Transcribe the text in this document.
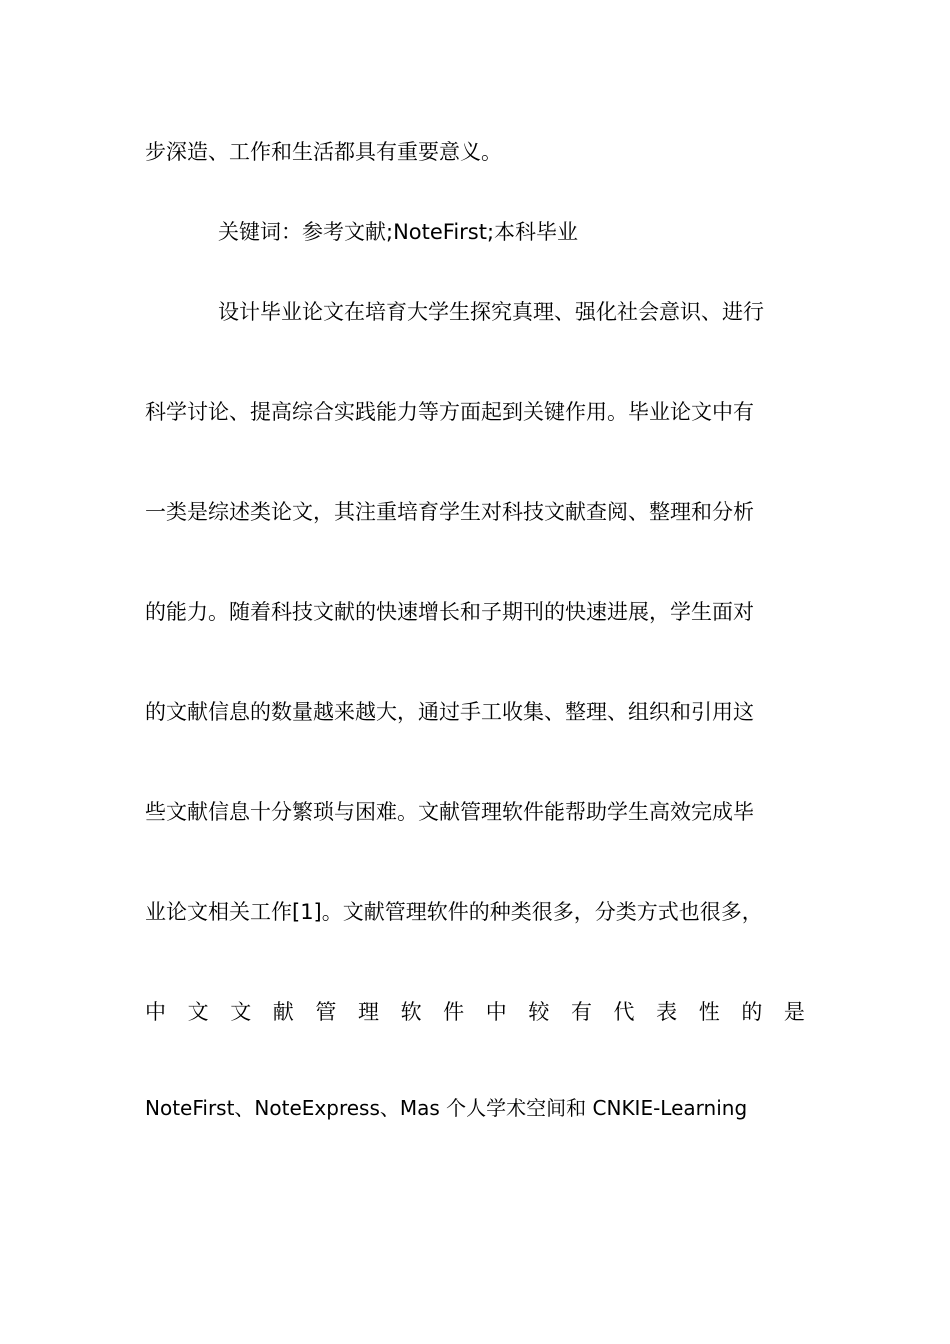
步深造、工作和生活都具有重要意义。
关键词：参考文献;NoteFirst;本科毕业
设计毕业论文在培育大学生探究真理、强化社会意识、进行
科学讨论、提高综合实践能力等方面起到关键作用。毕业论文中有
一类是综述类论文，其注重培育学生对科技文献查阅、整理和分析
的能力。随着科技文献的快速增长和子期刊的快速进展，学生面对
的文献信息的数量越来越大，通过手工收集、整理、组织和引用这
些文献信息十分繁琐与困难。文献管理软件能帮助学生高效完成毕
业论文相关工作[1]。文献管理软件的种类很多，分类方式也很多，
中 文 文 献 管 理 软 件 中 较 有 代 表 性 的 是
NoteFirst、NoteExpress、Mas 个人学术空间和 CNKIE-Learning
